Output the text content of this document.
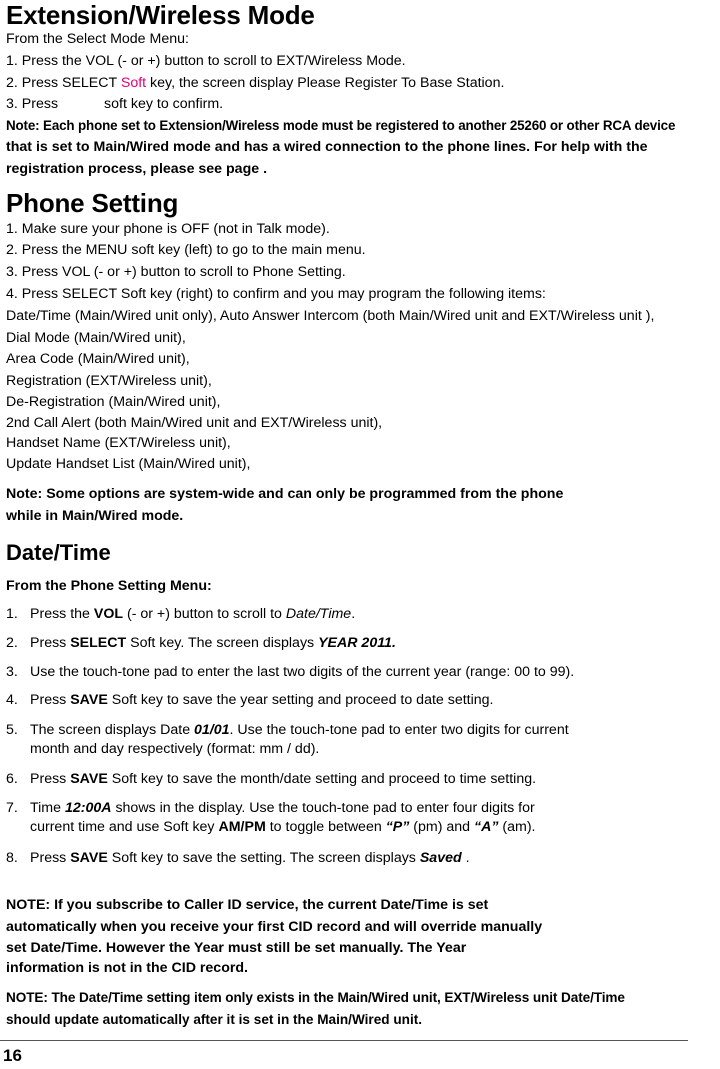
Extension/Wireless Mode
From the Select Mode Menu:
1. Press the VOL (- or +) button to scroll to EXT/Wireless Mode.
2. Press SELECT Soft key, the screen display Please Register To Base Station.
3. Press	soft key to confirm.
Note: Each phone set to Extension/Wireless mode must be registered to another 25260 or other RCA device
that is set to Main/Wired mode and has a wired connection to the phone lines. For help with the
registration process, please see page .
Phone Setting
1. Make sure your phone is OFF (not in Talk mode).
2. Press the MENU soft key (left) to go to the main menu.
3. Press VOL (- or +) button to scroll to Phone Setting.
4. Press SELECT Soft key (right) to confirm and you may program the following items:
Date/Time (Main/Wired unit only), Auto Answer Intercom (both Main/Wired unit and EXT/Wireless unit ),
Dial Mode (Main/Wired unit),
Area Code (Main/Wired unit),
Registration (EXT/Wireless unit),
De-Registration (Main/Wired unit),
2nd Call Alert (both Main/Wired unit and EXT/Wireless unit),
Handset Name (EXT/Wireless unit),
Update Handset List (Main/Wired unit),
Note: Some options are system-wide and can only be programmed from the phone
while in Main/Wired mode.
Date/Time
From the Phone Setting Menu:
1. Press the VOL (- or +) button to scroll to Date/Time.
2. Press SELECT Soft key. The screen displays YEAR 2011.
3. Use the touch-tone pad to enter the last two digits of the current year (range: 00 to 99).
4. Press SAVE Soft key to save the year setting and proceed to date setting.
5. The screen displays Date 01/01. Use the touch-tone pad to enter two digits for current
month and day respectively (format: mm / dd).
6. Press SAVE Soft key to save the month/date setting and proceed to time setting.
7. Time 12:00A shows in the display. Use the touch-tone pad to enter four digits for
current time and use Soft key AM/PM to toggle between “P” (pm) and “A” (am).
8. Press SAVE Soft key to save the setting. The screen displays Saved .
NOTE: If you subscribe to Caller ID service, the current Date/Time is set
automatically when you receive your first CID record and will override manually
set Date/Time. However the Year must still be set manually. The Year
information is not in the CID record.
NOTE: The Date/Time setting item only exists in the Main/Wired unit, EXT/Wireless unit Date/Time
should update automatically after it is set in the Main/Wired unit.
16
